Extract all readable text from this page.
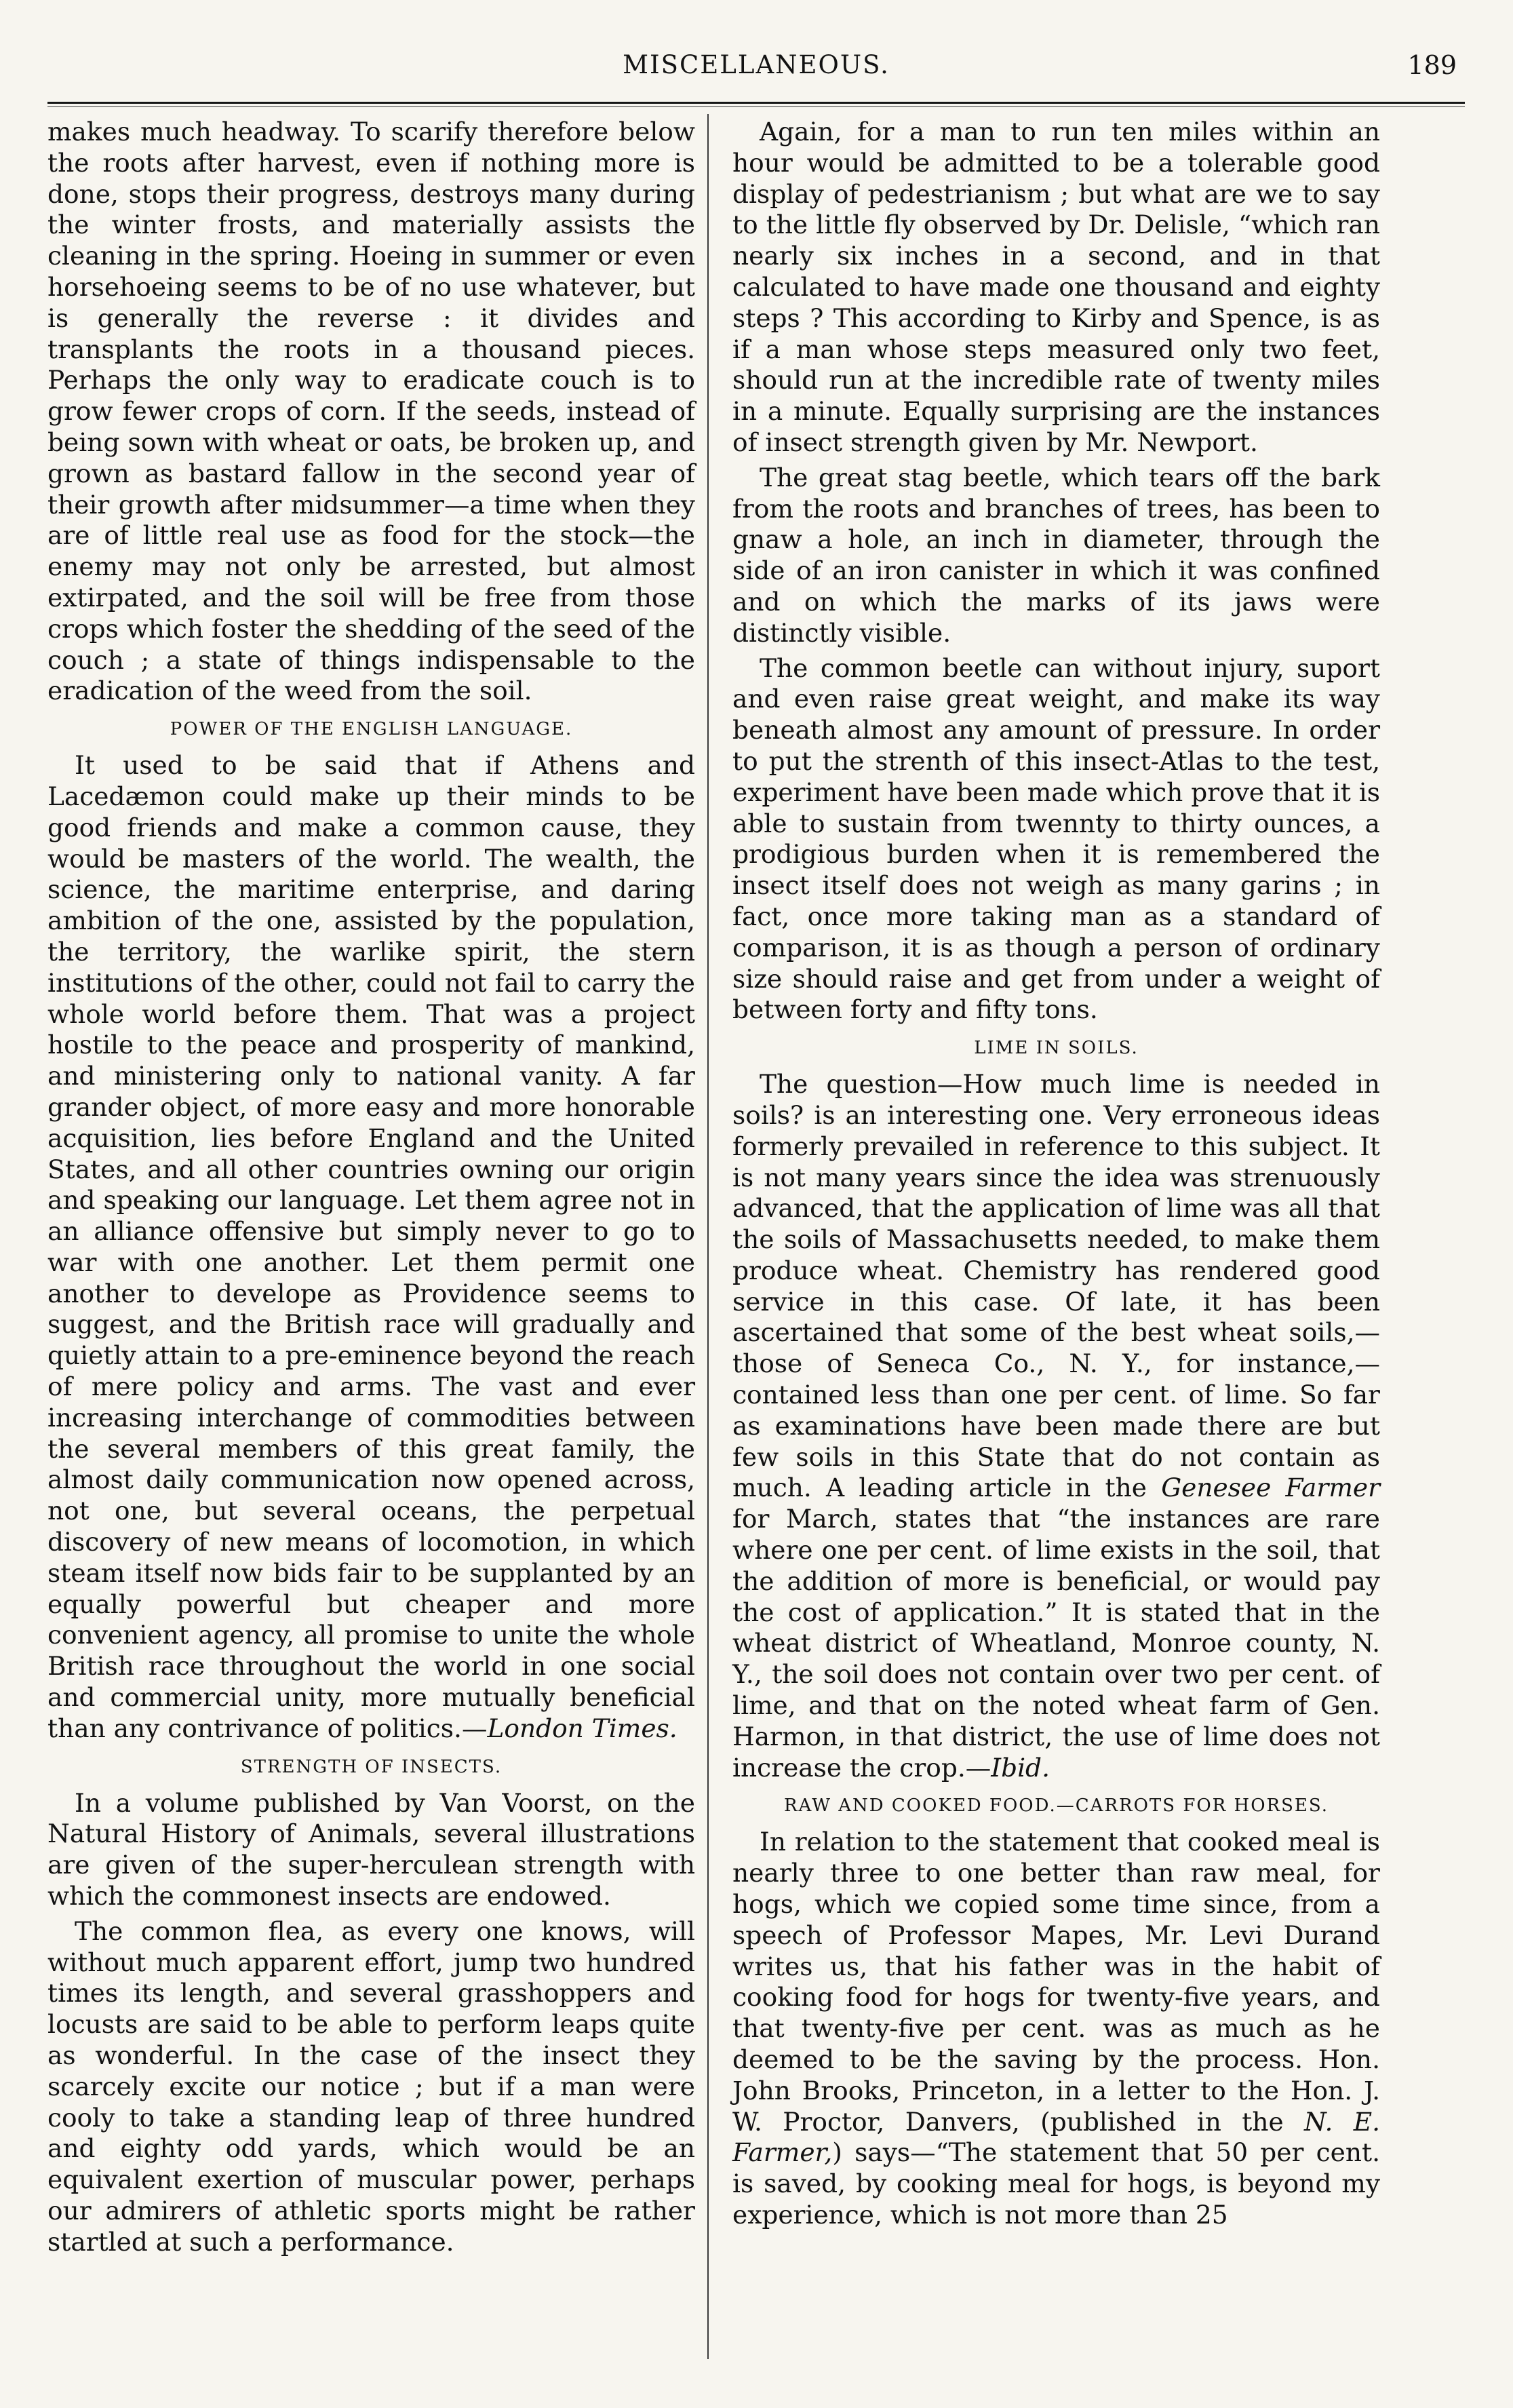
MISCELLANEOUS.	189

makes much headway. To scarify therefore below the roots after harvest, even if nothing more is done, stops their progress, destroys many during the winter frosts, and materially assists the cleaning in the spring. Hoeing in summer or even horsehoeing seems to be of no use whatever, but is generally the reverse : it divides and transplants the roots in a thousand pieces. Perhaps the only way to eradicate couch is to grow fewer crops of corn. If the seeds, instead of being sown with wheat or oats, be broken up, and grown as bastard fallow in the second year of their growth after midsummer—a time when they are of little real use as food for the stock—the enemy may not only be arrested, but almost extirpated, and the soil will be free from those crops which foster the shedding of the seed of the couch ; a state of things indispensable to the eradication of the weed from the soil.

POWER OF THE ENGLISH LANGUAGE.

It used to be said that if Athens and Lacedæmon could make up their minds to be good friends and make a common cause, they would be masters of the world. The wealth, the science, the maritime enterprise, and daring ambition of the one, assisted by the population, the territory, the warlike spirit, the stern institutions of the other, could not fail to carry the whole world before them. That was a project hostile to the peace and prosperity of mankind, and ministering only to national vanity. A far grander object, of more easy and more honorable acquisition, lies before England and the United States, and all other countries owning our origin and speaking our language. Let them agree not in an alliance offensive but simply never to go to war with one another. Let them permit one another to develope as Providence seems to suggest, and the British race will gradually and quietly attain to a pre-eminence beyond the reach of mere policy and arms. The vast and ever increasing interchange of commodities between the several members of this great family, the almost daily communication now opened across, not one, but several oceans, the perpetual discovery of new means of locomotion, in which steam itself now bids fair to be supplanted by an equally powerful but cheaper and more convenient agency, all promise to unite the whole British race throughout the world in one social and commercial unity, more mutually beneficial than any contrivance of politics.—London Times.

STRENGTH OF INSECTS.

In a volume published by Van Voorst, on the Natural History of Animals, several illustrations are given of the super-herculean strength with which the commonest insects are endowed.

The common flea, as every one knows, will without much apparent effort, jump two hundred times its length, and several grasshoppers and locusts are said to be able to perform leaps quite as wonderful. In the case of the insect they scarcely excite our notice ; but if a man were cooly to take a standing leap of three hundred and eighty odd yards, which would be an equivalent exertion of muscular power, perhaps our admirers of athletic sports might be rather startled at such a performance.

Again, for a man to run ten miles within an hour would be admitted to be a tolerable good display of pedestrianism ; but what are we to say to the little fly observed by Dr. Delisle, “which ran nearly six inches in a second, and in that calculated to have made one thousand and eighty steps ? This according to Kirby and Spence, is as if a man whose steps measured only two feet, should run at the incredible rate of twenty miles in a minute. Equally surprising are the instances of insect strength given by Mr. Newport.

The great stag beetle, which tears off the bark from the roots and branches of trees, has been to gnaw a hole, an inch in diameter, through the side of an iron canister in which it was confined and on which the marks of its jaws were distinctly visible.

The common beetle can without injury, suport and even raise great weight, and make its way beneath almost any amount of pressure. In order to put the strenth of this insect-Atlas to the test, experiment have been made which prove that it is able to sustain from twennty to thirty ounces, a prodigious burden when it is remembered the insect itself does not weigh as many garins ; in fact, once more taking man as a standard of comparison, it is as though a person of ordinary size should raise and get from under a weight of between forty and fifty tons.

LIME IN SOILS.

The question—How much lime is needed in soils? is an interesting one. Very erroneous ideas formerly prevailed in reference to this subject. It is not many years since the idea was strenuously advanced, that the application of lime was all that the soils of Massachusetts needed, to make them produce wheat. Chemistry has rendered good service in this case. Of late, it has been ascertained that some of the best wheat soils,—those of Seneca Co., N. Y., for instance,—contained less than one per cent. of lime. So far as examinations have been made there are but few soils in this State that do not contain as much. A leading article in the Genesee Farmer for March, states that “the instances are rare where one per cent. of lime exists in the soil, that the addition of more is beneficial, or would pay the cost of application.” It is stated that in the wheat district of Wheatland, Monroe county, N. Y., the soil does not contain over two per cent. of lime, and that on the noted wheat farm of Gen. Harmon, in that district, the use of lime does not increase the crop.—Ibid.

RAW AND COOKED FOOD.—CARROTS FOR HORSES.

In relation to the statement that cooked meal is nearly three to one better than raw meal, for hogs, which we copied some time since, from a speech of Professor Mapes, Mr. Levi Durand writes us, that his father was in the habit of cooking food for hogs for twenty-five years, and that twenty-five per cent. was as much as he deemed to be the saving by the process. Hon. John Brooks, Princeton, in a letter to the Hon. J. W. Proctor, Danvers, (published in the N. E. Farmer,) says—“The statement that 50 per cent. is saved, by cooking meal for hogs, is beyond my experience, which is not more than 25
